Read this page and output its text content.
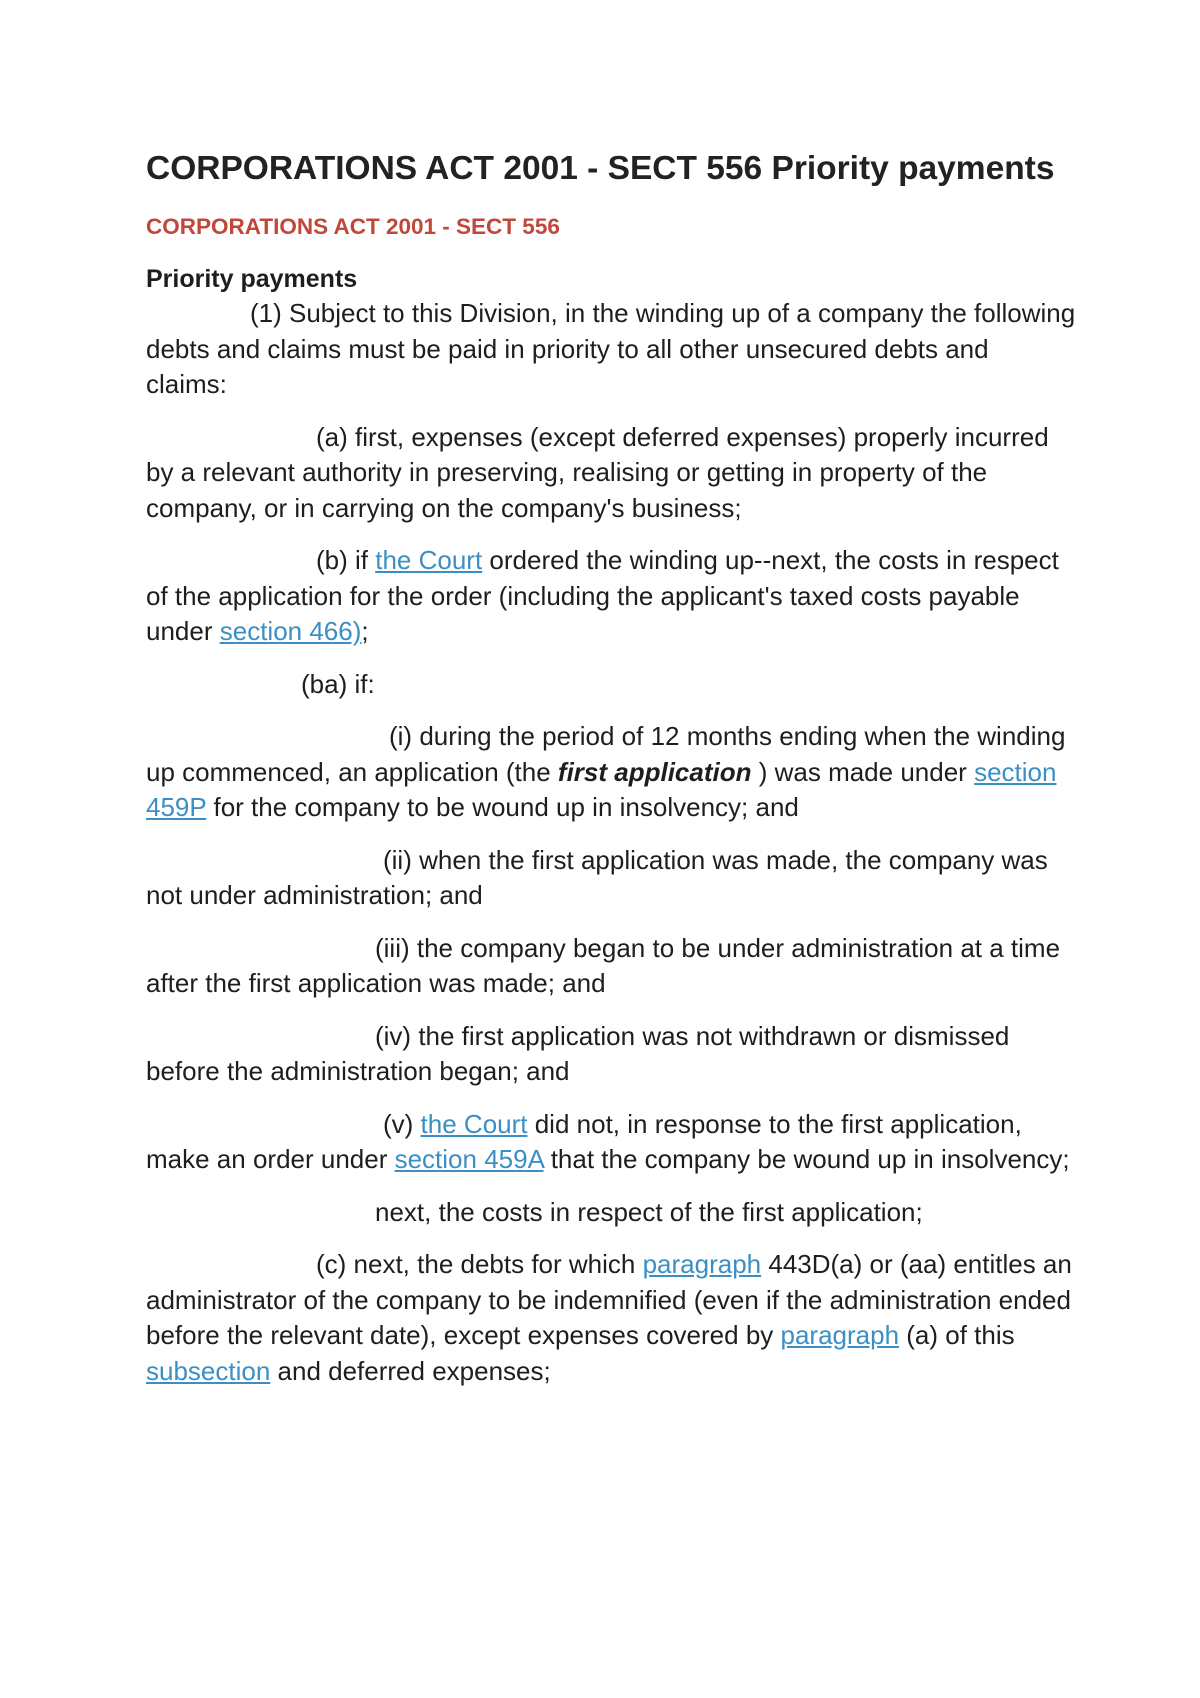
CORPORATIONS ACT 2001 - SECT 556 Priority payments
CORPORATIONS ACT 2001 - SECT 556
Priority payments

(1) Subject to this Division, in the winding up of a company the following debts and claims must be paid in priority to all other unsecured debts and claims:

(a) first, expenses (except deferred expenses) properly incurred by a relevant authority in preserving, realising or getting in property of the company, or in carrying on the company's business;

(b) if the Court ordered the winding up--next, the costs in respect of the application for the order (including the applicant's taxed costs payable under section 466);

(ba) if:

(i) during the period of 12 months ending when the winding up commenced, an application (the first application ) was made under section 459P for the company to be wound up in insolvency; and

(ii) when the first application was made, the company was not under administration; and

(iii) the company began to be under administration at a time after the first application was made; and

(iv) the first application was not withdrawn or dismissed before the administration began; and

(v) the Court did not, in response to the first application, make an order under section 459A that the company be wound up in insolvency;

next, the costs in respect of the first application;

(c) next, the debts for which paragraph 443D(a) or (aa) entitles an administrator of the company to be indemnified (even if the administration ended before the relevant date), except expenses covered by paragraph (a) of this subsection and deferred expenses;
